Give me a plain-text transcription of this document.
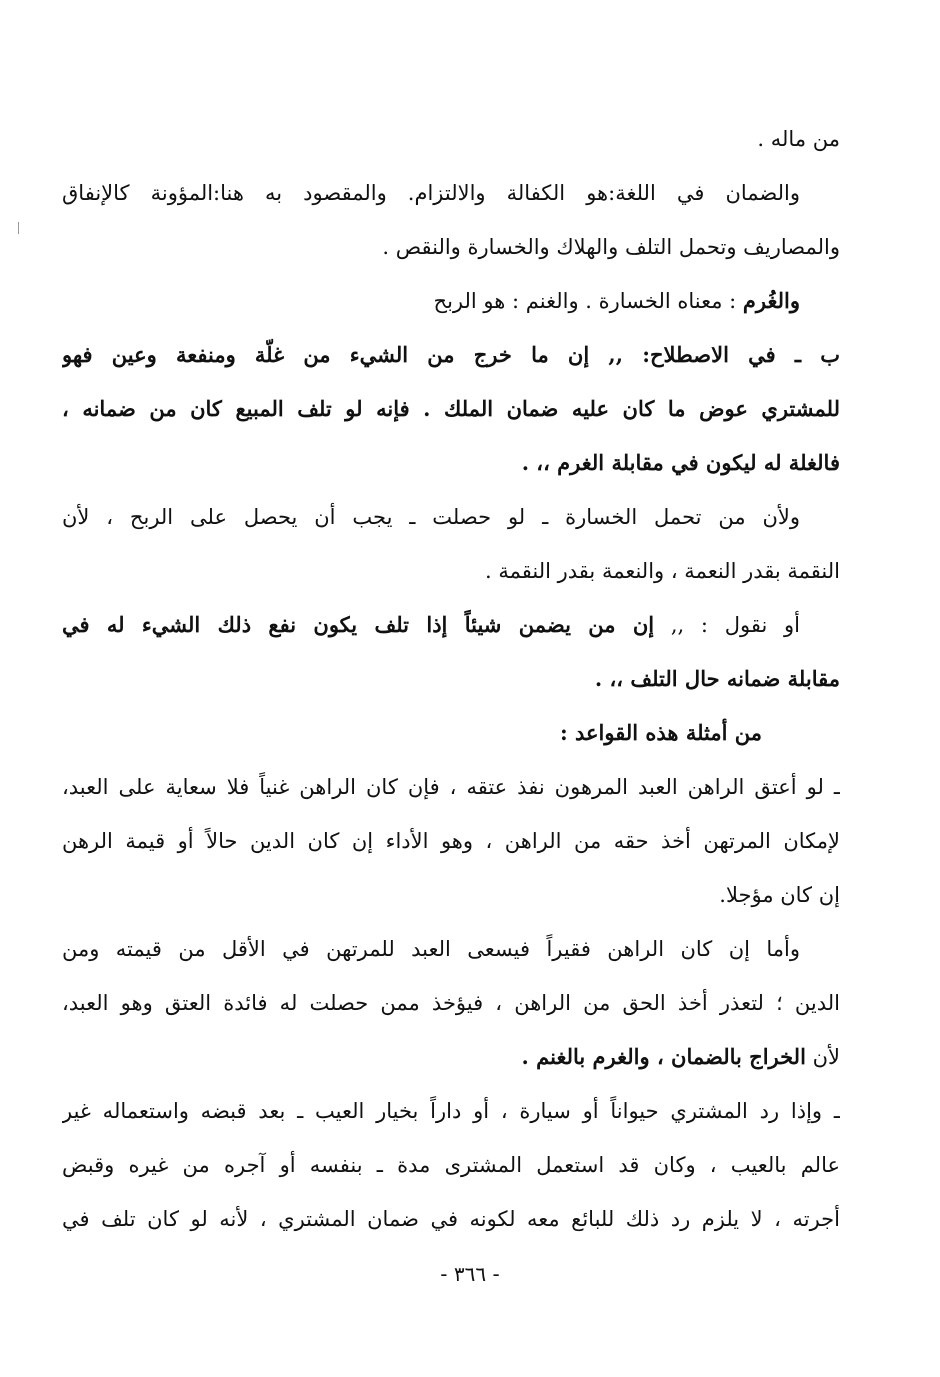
من ماله .
والضمان في اللغة:هو الكفالة والالتزام. والمقصود به هنا:المؤونة كالإنفاق
والمصاريف وتحمل التلف والهلاك والخسارة والنقص .
والغُرم : معناه الخسارة . والغنم : هو الربح
ب ـ في الاصطلاح: ,, إن ما خرج من الشيء من غلّة ومنفعة وعين فهو
للمشتري عوض ما كان عليه ضمان الملك . فإنه لو تلف المبيع كان من ضمانه ،
فالغلة له ليكون في مقابلة الغرم ،، .
ولأن من تحمل الخسارة ـ لو حصلت ـ يجب أن يحصل على الربح ، لأن
النقمة بقدر النعمة ، والنعمة بقدر النقمة .
أو نقول : ,, إن من يضمن شيئاً إذا تلف يكون نفع ذلك الشيء له في
مقابلة ضمانه حال التلف ،، .
من أمثلة هذه القواعد :
ـ لو أعتق الراهن العبد المرهون نفذ عتقه ، فإن كان الراهن غنياً فلا سعاية على العبد،
لإمكان المرتهن أخذ حقه من الراهن ، وهو الأداء إن كان الدين حالاً أو قيمة الرهن
إن كان مؤجلا.
وأما إن كان الراهن فقيراً فيسعى العبد للمرتهن في الأقل من قيمته ومن
الدين ؛ لتعذر أخذ الحق من الراهن ، فيؤخذ ممن حصلت له فائدة العتق وهو العبد،
لأن الخراج بالضمان ، والغرم بالغنم .
ـ وإذا رد المشتري حيواناً أو سيارة ، أو داراً بخيار العيب ـ بعد قبضه واستعماله غير
عالم بالعيب ، وكان قد استعمل المشترى مدة ـ بنفسه أو آجره من غيره وقبض
أجرته ، لا يلزم رد ذلك للبائع معه لكونه في ضمان المشتري ، لأنه لو كان تلف في
- ٣٦٦ -
